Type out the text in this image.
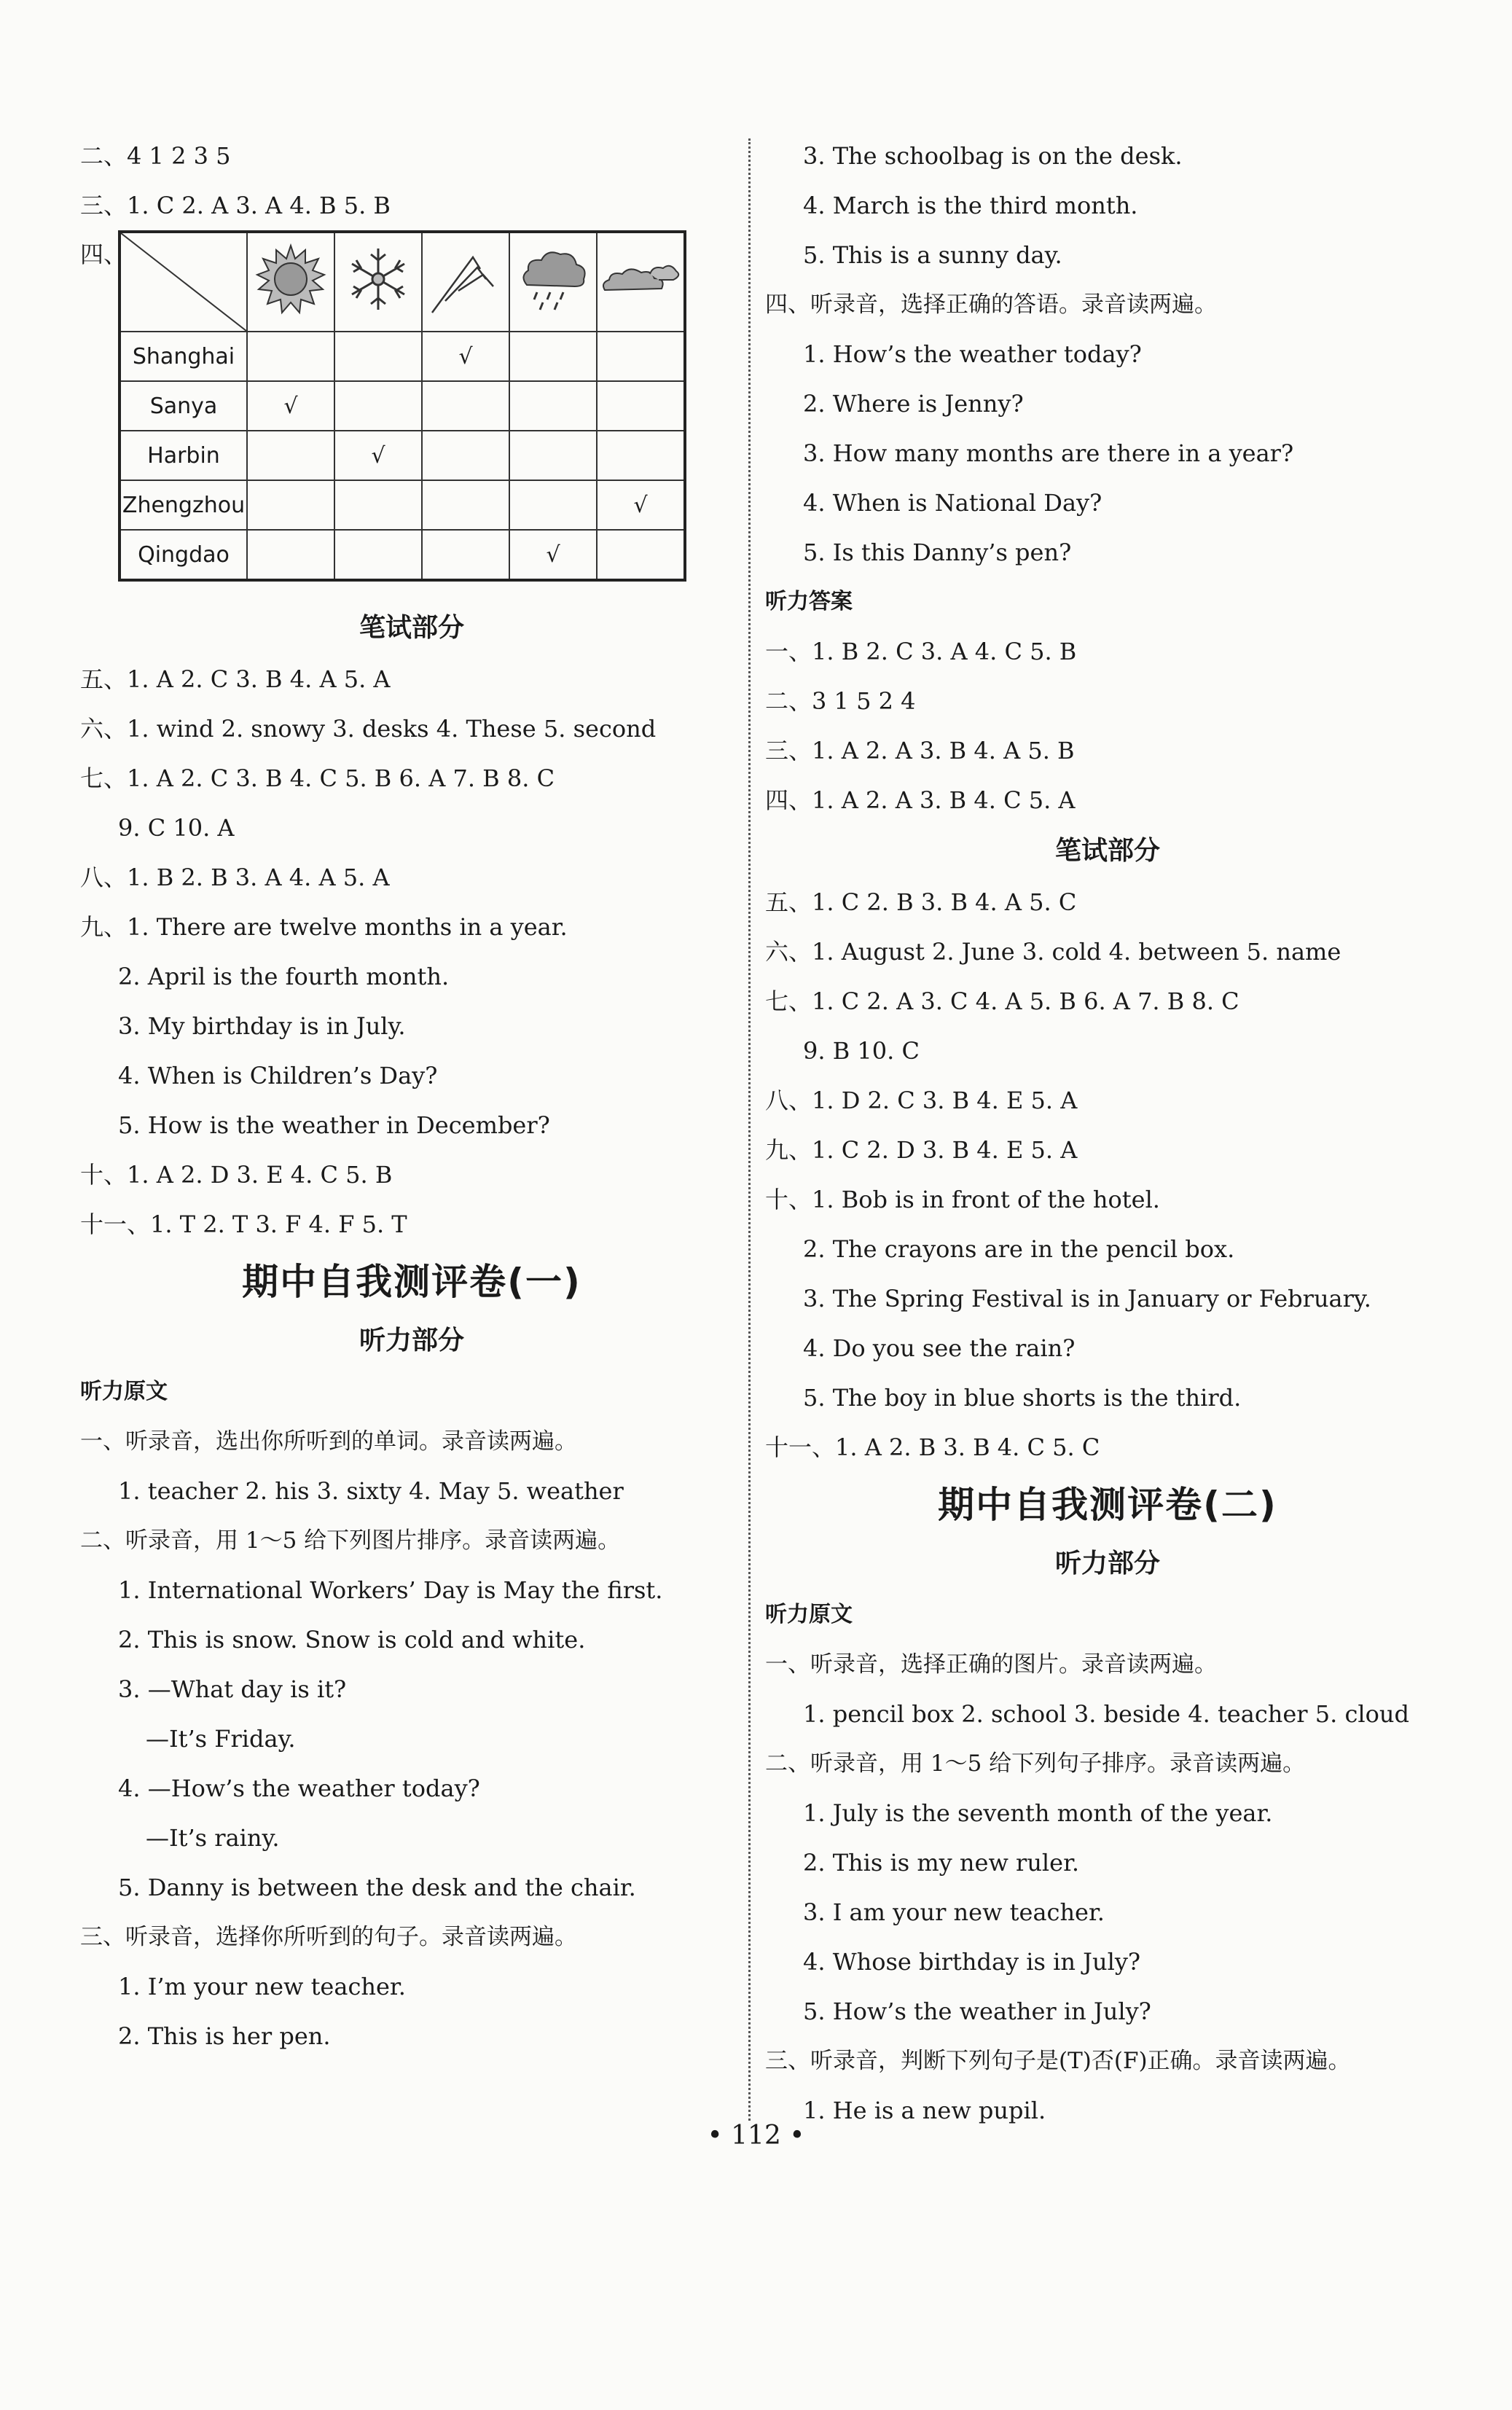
二、4 1 2 3 5
三、1. C 2. A 3. A 4. B 5. B
四、

Shanghai			√		
Sanya	√				
Harbin		√			
Zhengzhou					√
Qingdao				√	
笔试部分
五、1. A 2. C 3. B 4. A 5. A
六、1. wind 2. snowy 3. desks 4. These 5. second
七、1. A 2. C 3. B 4. C 5. B 6. A 7. B 8. C
9. C 10. A
八、1. B 2. B 3. A 4. A 5. A
九、1. There are twelve months in a year.
2. April is the fourth month.
3. My birthday is in July.
4. When is Children’s Day?
5. How is the weather in December?
十、1. A 2. D 3. E 4. C 5. B
十一、1. T 2. T 3. F 4. F 5. T
期中自我测评卷(一)
听力部分
听力原文
一、听录音，选出你所听到的单词。录音读两遍。
1. teacher 2. his 3. sixty 4. May 5. weather
二、听录音，用 1～5 给下列图片排序。录音读两遍。
1. International Workers’ Day is May the first.
2. This is snow. Snow is cold and white.
3. —What day is it?
—It’s Friday.
4. —How’s the weather today?
—It’s rainy.
5. Danny is between the desk and the chair.
三、听录音，选择你所听到的句子。录音读两遍。
1. I’m your new teacher.
2. This is her pen.
3. The schoolbag is on the desk.
4. March is the third month.
5. This is a sunny day.
四、听录音，选择正确的答语。录音读两遍。
1. How’s the weather today?
2. Where is Jenny?
3. How many months are there in a year?
4. When is National Day?
5. Is this Danny’s pen?
听力答案
一、1. B 2. C 3. A 4. C 5. B
二、3 1 5 2 4
三、1. A 2. A 3. B 4. A 5. B
四、1. A 2. A 3. B 4. C 5. A
笔试部分
五、1. C 2. B 3. B 4. A 5. C
六、1. August 2. June 3. cold 4. between 5. name
七、1. C 2. A 3. C 4. A 5. B 6. A 7. B 8. C
9. B 10. C
八、1. D 2. C 3. B 4. E 5. A
九、1. C 2. D 3. B 4. E 5. A
十、1. Bob is in front of the hotel.
2. The crayons are in the pencil box.
3. The Spring Festival is in January or February.
4. Do you see the rain?
5. The boy in blue shorts is the third.
十一、1. A 2. B 3. B 4. C 5. C
期中自我测评卷(二)
听力部分
听力原文
一、听录音，选择正确的图片。录音读两遍。
1. pencil box 2. school 3. beside 4. teacher 5. cloud
二、听录音，用 1～5 给下列句子排序。录音读两遍。
1. July is the seventh month of the year.
2. This is my new ruler.
3. I am your new teacher.
4. Whose birthday is in July?
5. How’s the weather in July?
三、听录音，判断下列句子是(T)否(F)正确。录音读两遍。
1. He is a new pupil.
• 112 •
